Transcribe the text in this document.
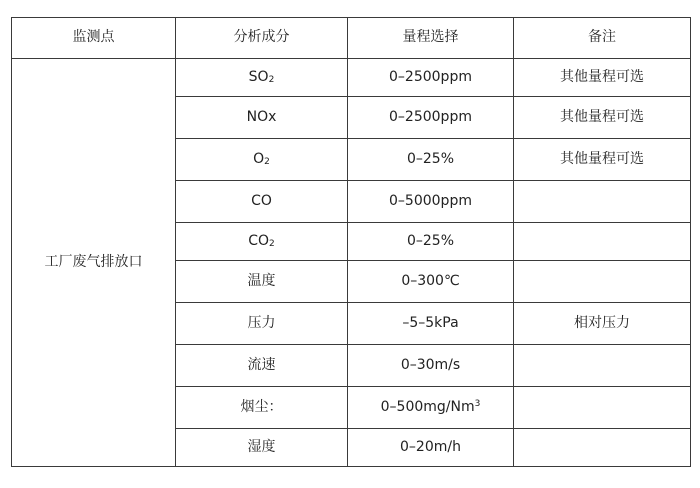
监测点	分析成分	量程选择	备注
工厂废气排放口	$SO_2$	0–2500ppm	其他量程可选
	NOx	0–2500ppm	其他量程可选
	$O_2$	0–25%	其他量程可选
	CO	0–5000ppm	
	$CO_2$	0–25%	
	温度	0–300℃	
	压力	–5–5kPa	相对压力
	流速	0–30m/s	
	烟尘：	0–500mg/Nm$^3$	
	湿度	0–20m/h	
